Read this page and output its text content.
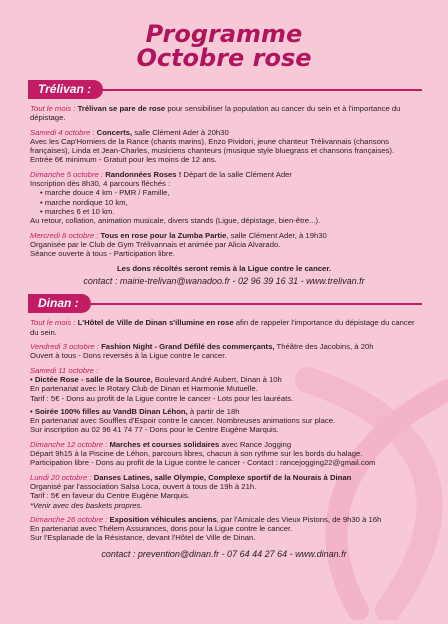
Programme
Octobre rose
Trélivan :
Tout le mois : Trélivan se pare de rose pour sensibiliser la population au cancer du sein et à l'importance du dépistage.
Samedi 4 octobre : Concerts, salle Clément Ader à 20h30
Avec les Cap'Horniers de la Rance (chants marins), Enzo Pividori, jeune chanteur Trélivannais (chansons françaises), Linda et Jean-Charles, musiciens chanteurs (musique style bluegrass et chansons françaises). Entrée 6€ minimum - Gratuit pour les moins de 12 ans.
Dimanche 5 octobre : Randonnées Roses ! Départ de la salle Clément Ader
Inscription dès 8h30, 4 parcours fléchés :
• marche douce 4 km - PMR / Famille,
• marche nordique 10 km,
• marches 6 et 10 km.
Au retour, collation, animation musicale, divers stands (Ligue, dépistage, bien-être...).
Mercredi 8 octobre : Tous en rose pour la Zumba Partie, salle Clément Ader, à 19h30
Organisée par le Club de Gym Trélivannais et animée par Alicia Alvarado.
Séance ouverte à tous - Participation libre.
Les dons récoltés seront remis à la Ligue contre le cancer.
contact : mairie-trelivan@wanadoo.fr - 02 96 39 16 31 - www.trelivan.fr
Dinan :
Tout le mois : L'Hôtel de Ville de Dinan s'illumine en rose afin de rappeler l'importance du dépistage du cancer du sein.
Vendredi 3 octobre : Fashion Night - Grand Défilé des commerçants, Théâtre des Jacobins, à 20h
Ouvert à tous - Dons reversés à la Ligue contre le cancer.
Samedi 11 octobre :
• Dictée Rose - salle de la Source, Boulevard André Aubert, Dinan à 10h
En partenariat avec le Rotary Club de Dinan et Harmonie Mutuelle.
Tarif : 5€ - Dons au profit de la Ligue contre le cancer - Lots pour les lauréats.
• Soirée 100% filles au VandB Dinan Léhon, à partir de 18h
En partenariat avec Souffles d'Espoir contre le cancer. Nombreuses animations sur place.
Sur inscription au 02 96 41 74 77 - Dons pour le Centre Eugène Marquis.
Dimanche 12 octobre : Marches et courses solidaires avec Rance Jogging
Départ 9h15 à la Piscine de Léhon, parcours libres, chacun à son rythme sur les bords du halage.
Participation libre - Dons au profit de la Ligue contre le cancer - Contact : rancejogging22@gmail.com
Lundi 20 octobre : Danses Latines, salle Olympie, Complexe sportif de la Nourais à Dinan
Organisé par l'association Salsa Loca, ouvert à tous de 19h à 21h.
Tarif : 5€ en faveur du Centre Eugène Marquis.
*Venir avec des baskets propres.
Dimanche 26 octobre : Exposition véhicules anciens, par l'Amicale des Vieux Pistons, de 9h30 à 16h
En partenariat avec Thélem Assurances, dons pour la Ligue contre le cancer.
Sur l'Esplanade de la Résistance, devant l'Hôtel de Ville de Dinan.
contact : prevention@dinan.fr - 07 64 44 27 64 - www.dinan.fr
